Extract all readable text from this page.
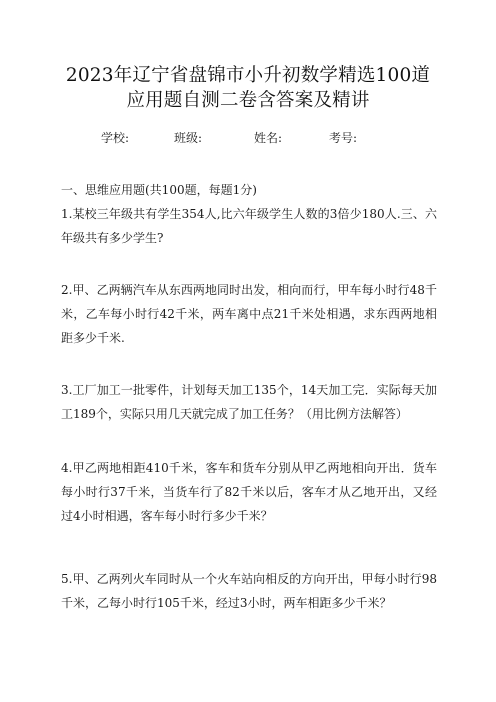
2023年辽宁省盘锦市小升初数学精选100道
应用题自测二卷含答案及精讲
学校:	班级:	姓名:	考号:
一、思维应用题(共100题，每题1分)
1.某校三年级共有学生354人,比六年级学生人数的3倍少180人.三、六年级共有多少学生?
2.甲、乙两辆汽车从东西两地同时出发，相向而行，甲车每小时行48千米，乙车每小时行42千米，两车离中点21千米处相遇，求东西两地相距多少千米.
3.工厂加工一批零件，计划每天加工135个，14天加工完．实际每天加工189个，实际只用几天就完成了加工任务？（用比例方法解答）
4.甲乙两地相距410千米，客车和货车分别从甲乙两地相向开出．货车每小时行37千米，当货车行了82千米以后，客车才从乙地开出，又经过4小时相遇，客车每小时行多少千米？
5.甲、乙两列火车同时从一个火车站向相反的方向开出，甲每小时行98千米，乙每小时行105千米，经过3小时，两车相距多少千米？
